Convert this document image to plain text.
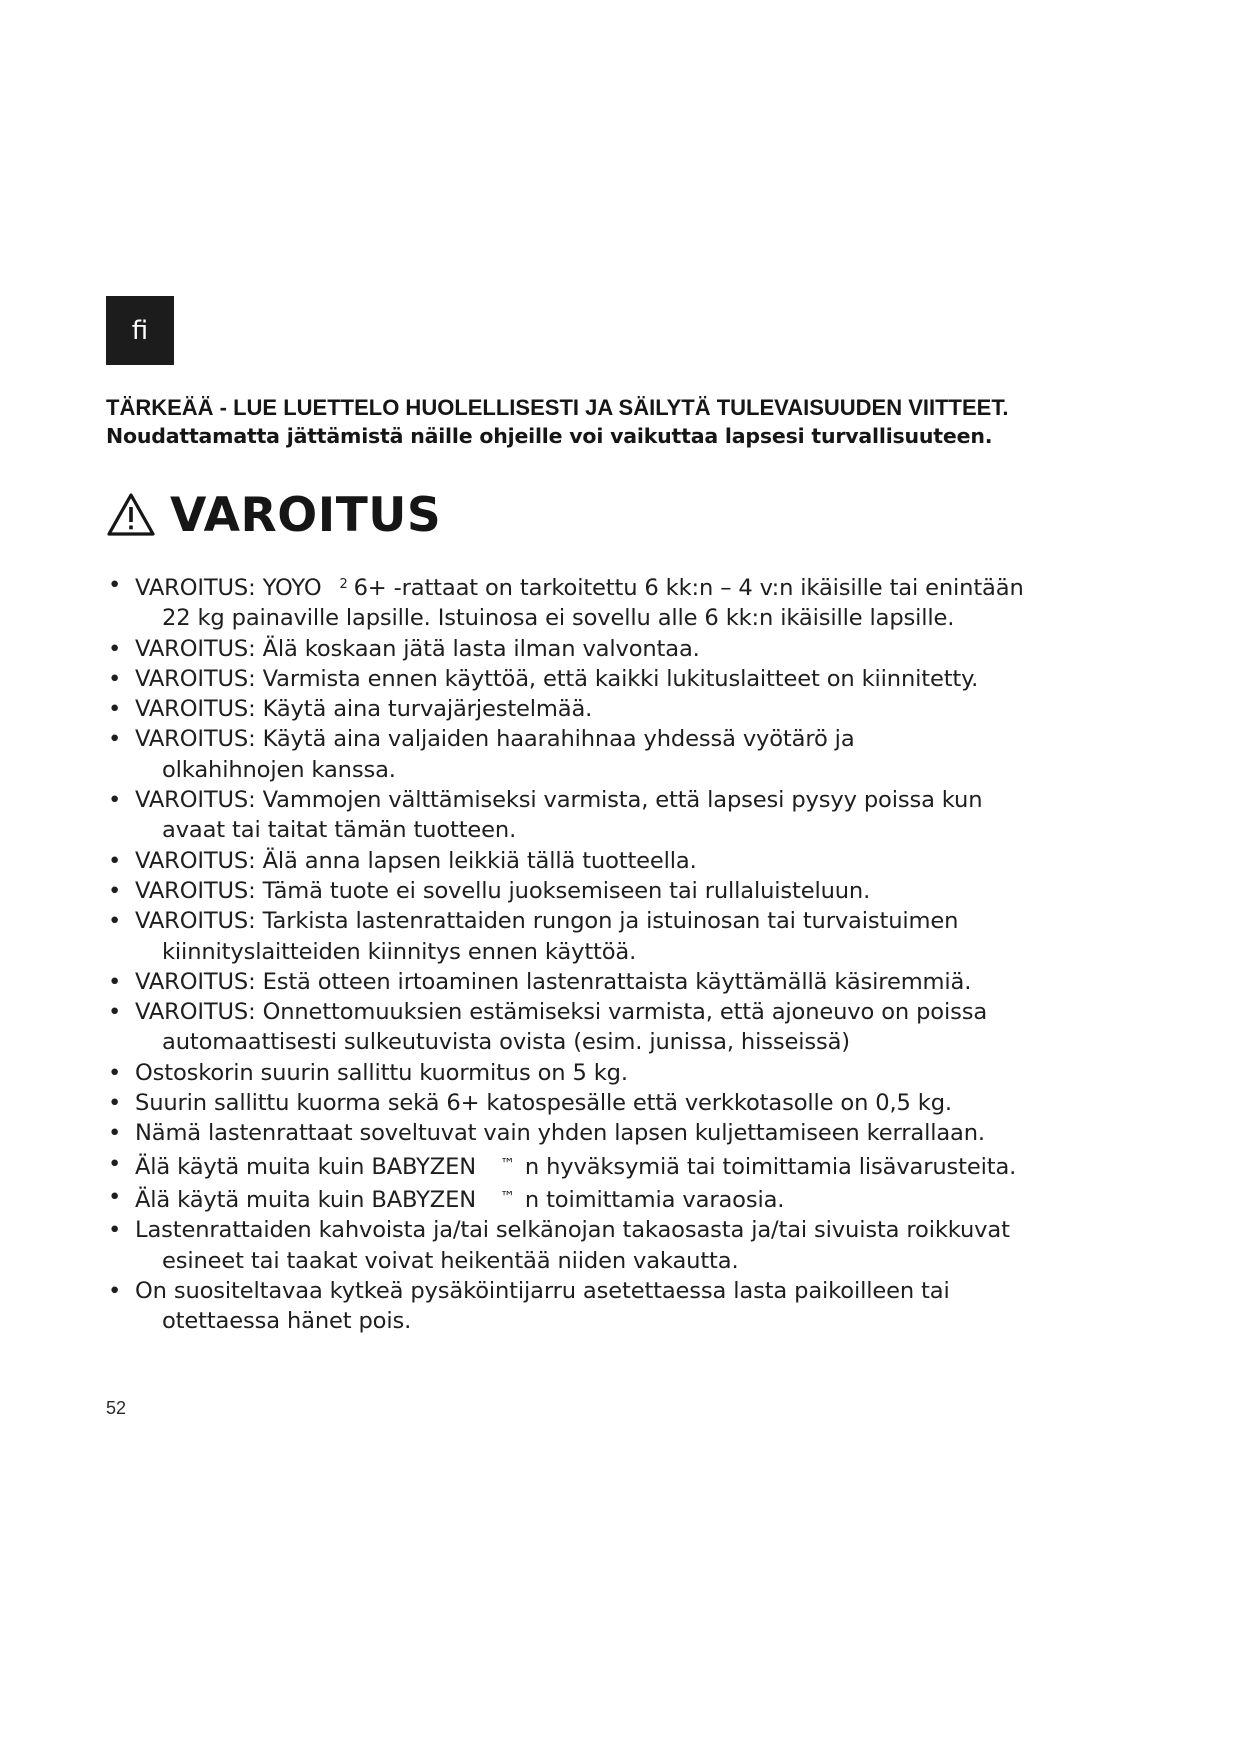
fi
TÄRKEÄÄ - LUE LUETTELO HUOLELLISESTI JA SÄILYTÄ TULEVAISUUDEN VIITTEET.
Noudattamatta jättämistä näille ohjeille voi vaikuttaa lapsesi turvallisuuteen.
VAROITUS
• VAROITUS: YOYO $^2$ 6+ -rattaat on tarkoitettu 6 kk:n – 4 v:n ikäisille tai enintään
22 kg painaville lapsille. Istuinosa ei sovellu alle 6 kk:n ikäisille lapsille.
• VAROITUS: Älä koskaan jätä lasta ilman valvontaa.
• VAROITUS: Varmista ennen käyttöä, että kaikki lukituslaitteet on kiinnitetty.
• VAROITUS: Käytä aina turvajärjestelmää.
• VAROITUS: Käytä aina valjaiden haarahihnaa yhdessä vyötärö ja
olkahihnojen kanssa.
• VAROITUS: Vammojen välttämiseksi varmista, että lapsesi pysyy poissa kun
avaat tai taitat tämän tuotteen.
• VAROITUS: Älä anna lapsen leikkiä tällä tuotteella.
• VAROITUS: Tämä tuote ei sovellu juoksemiseen tai rullaluisteluun.
• VAROITUS: Tarkista lastenrattaiden rungon ja istuinosan tai turvaistuimen
kiinnityslaitteiden kiinnitys ennen käyttöä.
• VAROITUS: Estä otteen irtoaminen lastenrattaista käyttämällä käsiremmiä.
• VAROITUS: Onnettomuuksien estämiseksi varmista, että ajoneuvo on poissa
automaattisesti sulkeutuvista ovista (esim. junissa, hisseissä)
• Ostoskorin suurin sallittu kuormitus on 5 kg.
• Suurin sallittu kuorma sekä 6+ katospesälle että verkkotasolle on 0,5 kg.
• Nämä lastenrattaat soveltuvat vain yhden lapsen kuljettamiseen kerrallaan.
• Älä käytä muita kuin BABYZEN ™ n hyväksymiä tai toimittamia lisävarusteita.
• Älä käytä muita kuin BABYZEN ™ n toimittamia varaosia.
• Lastenrattaiden kahvoista ja/tai selkänojan takaosasta ja/tai sivuista roikkuvat
esineet tai taakat voivat heikentää niiden vakautta.
• On suositeltavaa kytkeä pysäköintijarru asetettaessa lasta paikoilleen tai
otettaessa hänet pois.
52
